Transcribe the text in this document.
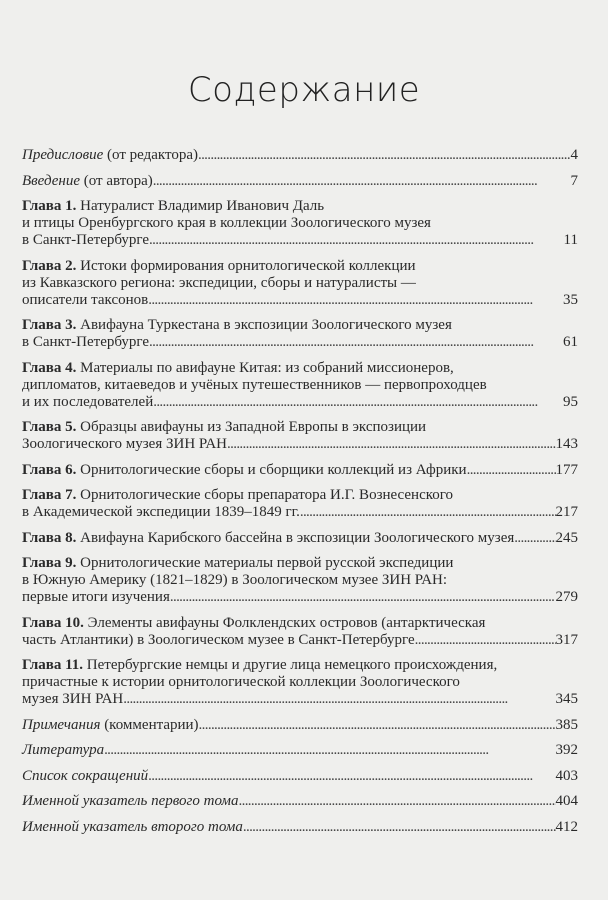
Содержание
Предисловие (от редактора) . . .	4
Введение (от автора) . . .	7
Глава 1. Натуралист Владимир Иванович Даль
и птицы Оренбургского края в коллекции Зоологического музея
в Санкт-Петербурге . . .	11
Глава 2. Истоки формирования орнитологической коллекции
из Кавказского региона: экспедиции, сборы и натуралисты —
описатели таксонов . . .	35
Глава 3. Авифауна Туркестана в экспозиции Зоологического музея
в Санкт-Петербурге . . .	61
Глава 4. Материалы по авифауне Китая: из собраний миссионеров,
дипломатов, китаеведов и учёных путешественников — первопроходцев
и их последователей . . .	95
Глава 5. Образцы авифауны из Западной Европы в экспозиции
Зоологического музея ЗИН РАН . . .	143
Глава 6. Орнитологические сборы и сборщики коллекций из Африки . . .	177
Глава 7. Орнитологические сборы препаратора И.Г. Вознесенского
в Академической экспедиции 1839–1849 гг. . . .	217
Глава 8. Авифауна Карибского бассейна в экспозиции Зоологического музея . . .	245
Глава 9. Орнитологические материалы первой русской экспедиции
в Южную Америку (1821–1829) в Зоологическом музее ЗИН РАН:
первые итоги изучения . . .	279
Глава 10. Элементы авифауны Фолклендских островов (антарктическая
часть Атлантики) в Зоологическом музее в Санкт-Петербурге . . .	317
Глава 11. Петербургские немцы и другие лица немецкого происхождения,
причастные к истории орнитологической коллекции Зоологического
музея ЗИН РАН . . .	345
Примечания (комментарии) . . .	385
Литература . . .	392
Список сокращений . . .	403
Именной указатель первого тома . . .	404
Именной указатель второго тома . . .	412
